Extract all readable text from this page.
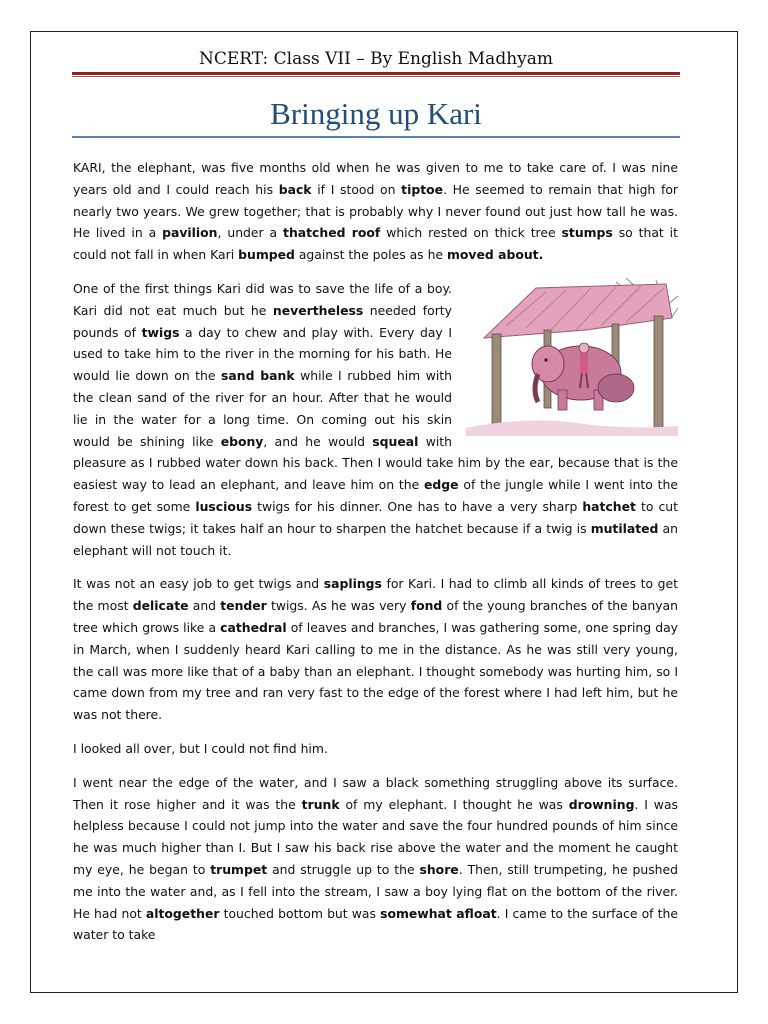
NCERT: Class VII – By English Madhyam
Bringing up Kari

KARI, the elephant, was five months old when he was given to me to take care of. I was nine years old and I could reach his back if I stood on tiptoe. He seemed to remain that high for nearly two years. We grew together; that is probably why I never found out just how tall he was. He lived in a pavilion, under a thatched roof which rested on thick tree stumps so that it could not fall in when Kari bumped against the poles as he moved about.

One of the first things Kari did was to save the life of a boy. Kari did not eat much but he nevertheless needed forty pounds of twigs a day to chew and play with. Every day I used to take him to the river in the morning for his bath. He would lie down on the sand bank while I rubbed him with the clean sand of the river for an hour. After that he would lie in the water for a long time. On coming out his skin would be shining like ebony, and he would squeal with pleasure as I rubbed water down his back. Then I would take him by the ear, because that is the easiest way to lead an elephant, and leave him on the edge of the jungle while I went into the forest to get some luscious twigs for his dinner. One has to have a very sharp hatchet to cut down these twigs; it takes half an hour to sharpen the hatchet because if a twig is mutilated an elephant will not touch it.

It was not an easy job to get twigs and saplings for Kari. I had to climb all kinds of trees to get the most delicate and tender twigs. As he was very fond of the young branches of the banyan tree which grows like a cathedral of leaves and branches, I was gathering some, one spring day in March, when I suddenly heard Kari calling to me in the distance. As he was still very young, the call was more like that of a baby than an elephant. I thought somebody was hurting him, so I came down from my tree and ran very fast to the edge of the forest where I had left him, but he was not there.

I looked all over, but I could not find him.

I went near the edge of the water, and I saw a black something struggling above its surface. Then it rose higher and it was the trunk of my elephant. I thought he was drowning. I was helpless because I could not jump into the water and save the four hundred pounds of him since he was much higher than I. But I saw his back rise above the water and the moment he caught my eye, he began to trumpet and struggle up to the shore. Then, still trumpeting, he pushed me into the water and, as I fell into the stream, I saw a boy lying flat on the bottom of the river. He had not altogether touched bottom but was somewhat afloat. I came to the surface of the water to take
